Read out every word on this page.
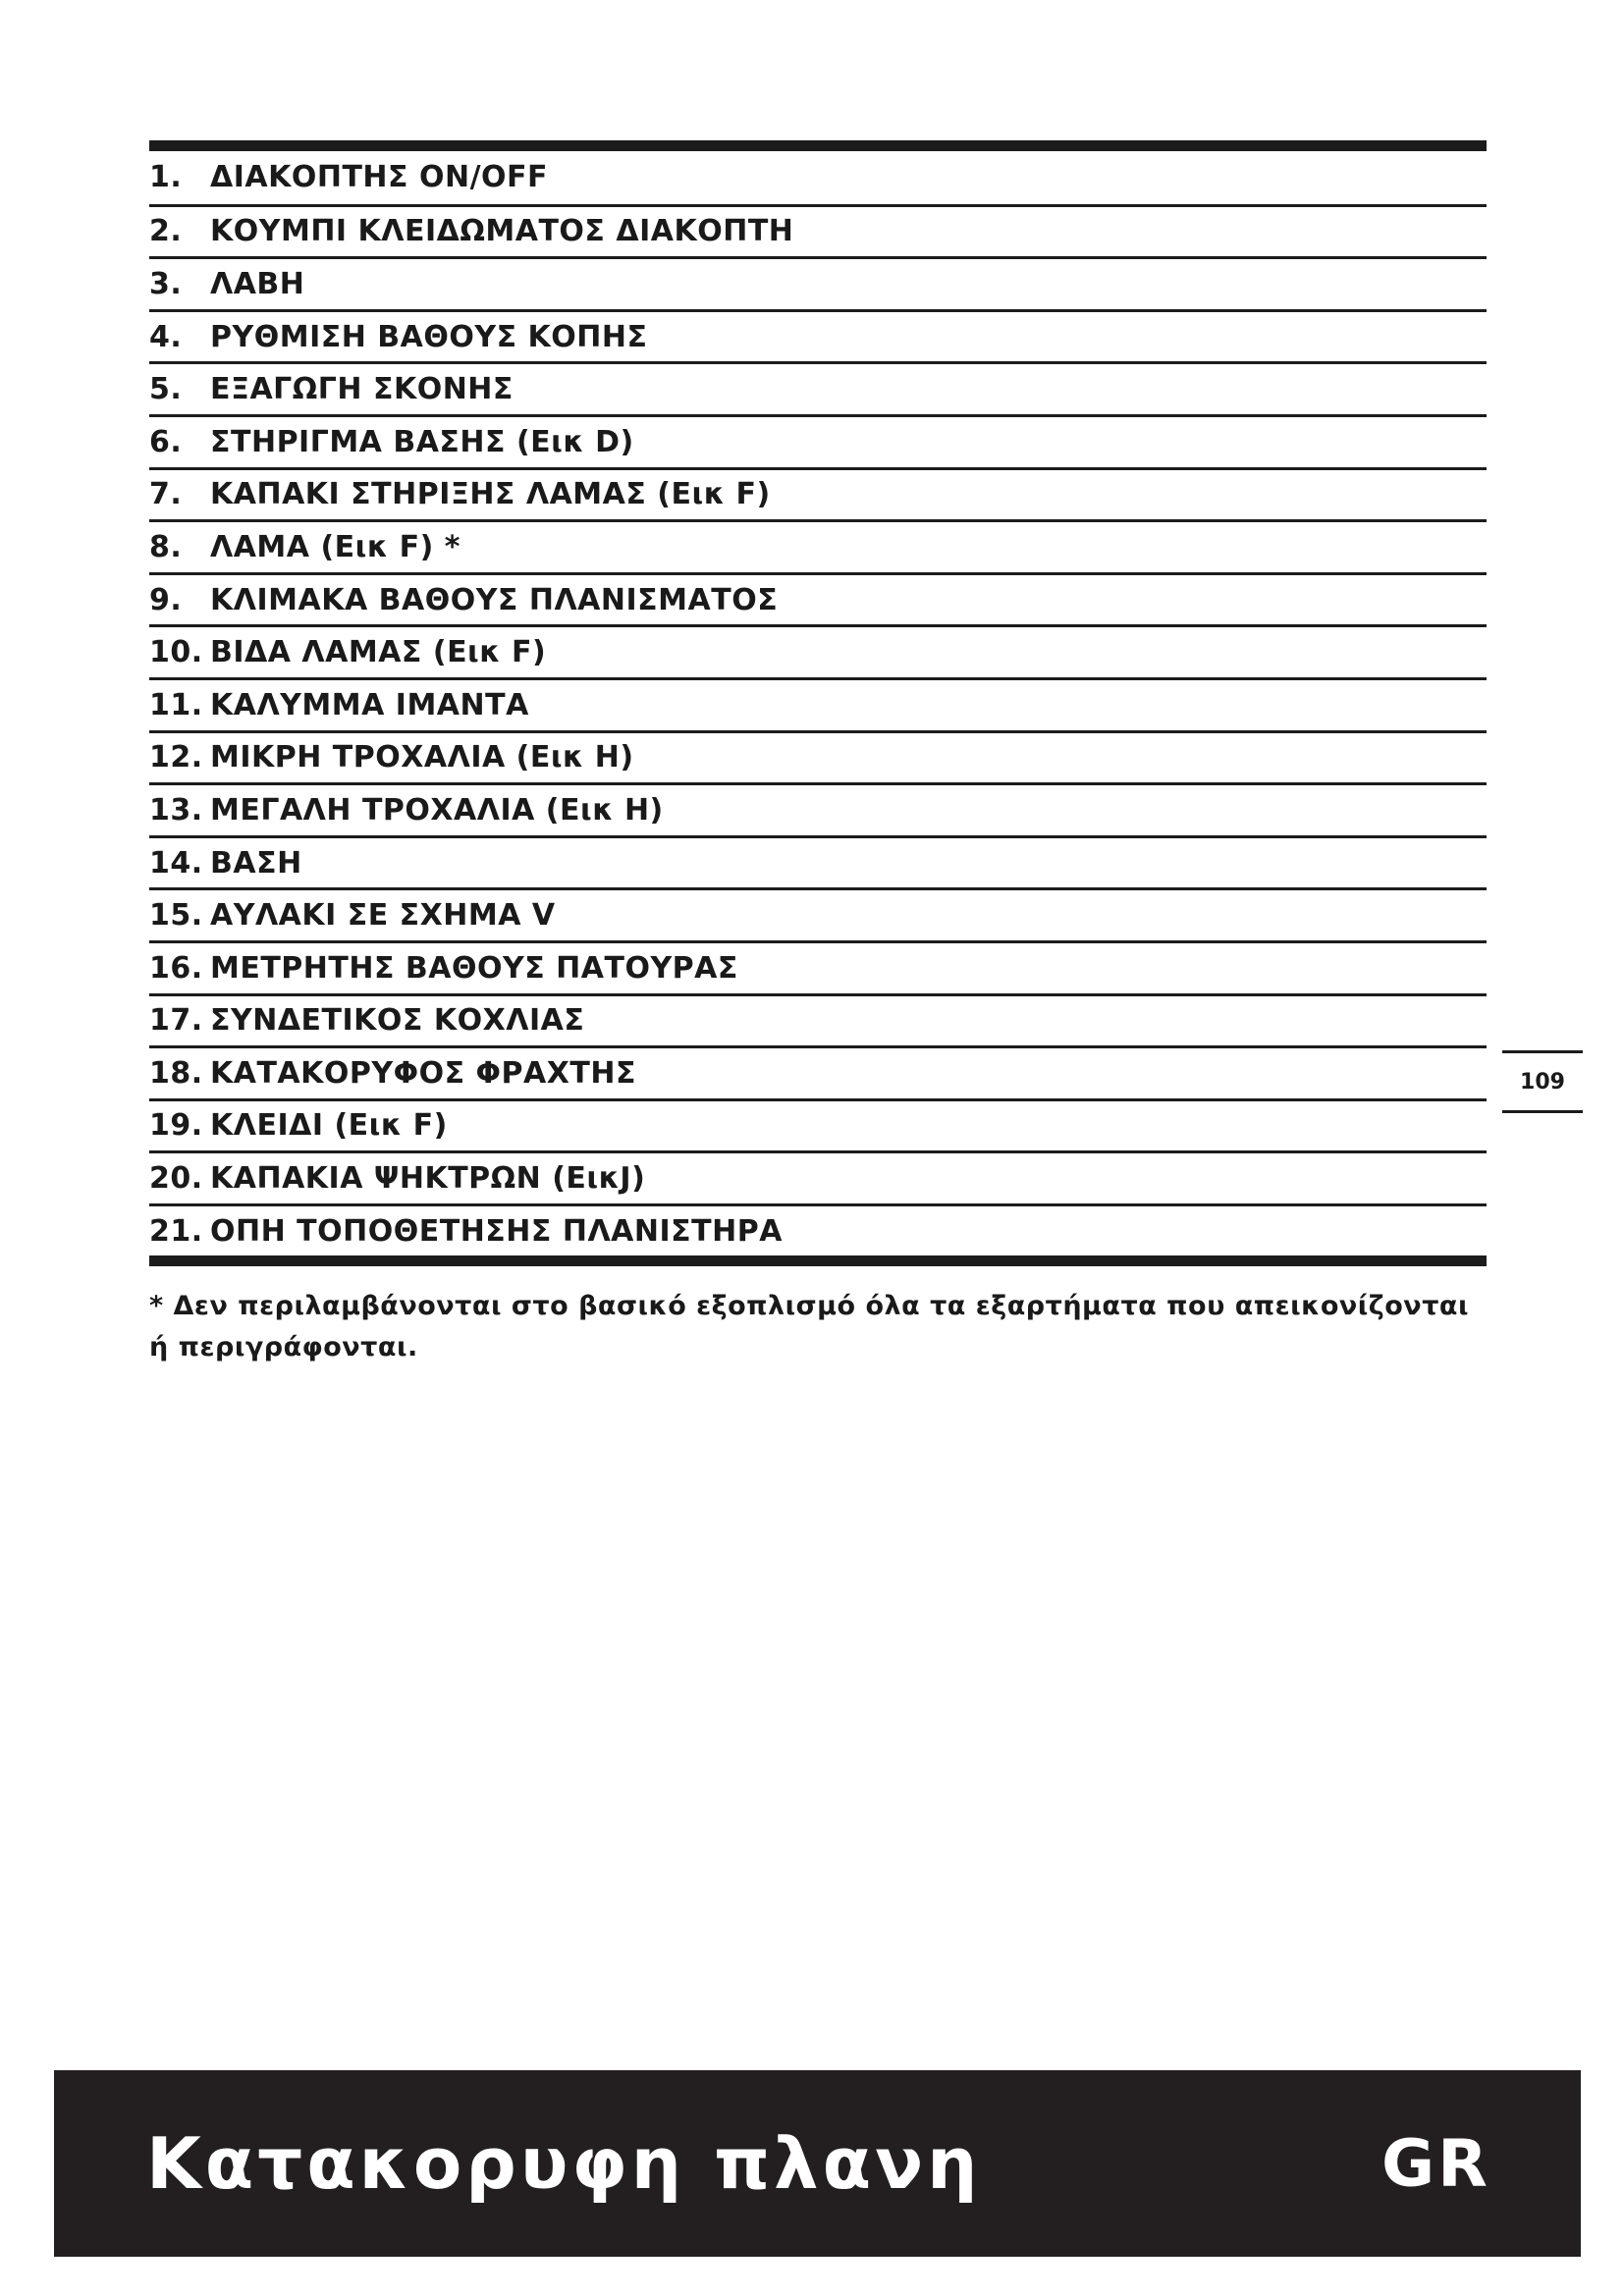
1. ΔΙΑΚΟΠΤΗΣ ON/OFF
2. ΚΟΥΜΠΙ ΚΛΕΙΔΩΜΑΤΟΣ ΔΙΑΚΟΠΤΗ
3. ΛΑΒΗ
4. ΡΥΘΜΙΣΗ ΒΑΘΟΥΣ ΚΟΠΗΣ
5. ΕΞΑΓΩΓΗ ΣΚΟΝΗΣ
6. ΣΤΗΡΙΓΜΑ ΒΑΣΗΣ (Εικ D)
7. ΚΑΠΑΚΙ ΣΤΗΡΙΞΗΣ ΛΑΜΑΣ (Εικ F)
8. ΛΑΜΑ (Εικ F) *
9. ΚΛΙΜΑΚΑ ΒΑΘΟΥΣ ΠΛΑΝΙΣΜΑΤΟΣ
10. ΒΙΔΑ ΛΑΜΑΣ (Εικ F)
11. ΚΑΛΥΜΜΑ ΙΜΑΝΤΑ
12. ΜΙΚΡΗ ΤΡΟΧΑΛΙΑ (Εικ H)
13. ΜΕΓΑΛΗ ΤΡΟΧΑΛΙΑ (Εικ H)
14. ΒΑΣΗ
15. ΑΥΛΑΚΙ ΣΕ ΣΧΗΜΑ V
16. ΜΕΤΡΗΤΗΣ ΒΑΘΟΥΣ ΠΑΤΟΥΡΑΣ
17. ΣΥΝΔΕΤΙΚΟΣ ΚΟΧΛΙΑΣ
18. ΚΑΤΑΚΟΡΥΦΟΣ ΦΡΑΧΤΗΣ
19. ΚΛΕΙΔΙ (Εικ F)
20. ΚΑΠΑΚΙΑ ΨΗΚΤΡΩΝ (ΕικJ)
21. ΟΠΗ ΤΟΠΟΘΕΤΗΣΗΣ ΠΛΑΝΙΣΤΗΡΑ
109
* Δεν περιλαμβάνονται στο βασικό εξοπλισμό όλα τα εξαρτήματα που απεικονίζονται ή περιγράφονται.
Κατακορυφη πλανη	GR
